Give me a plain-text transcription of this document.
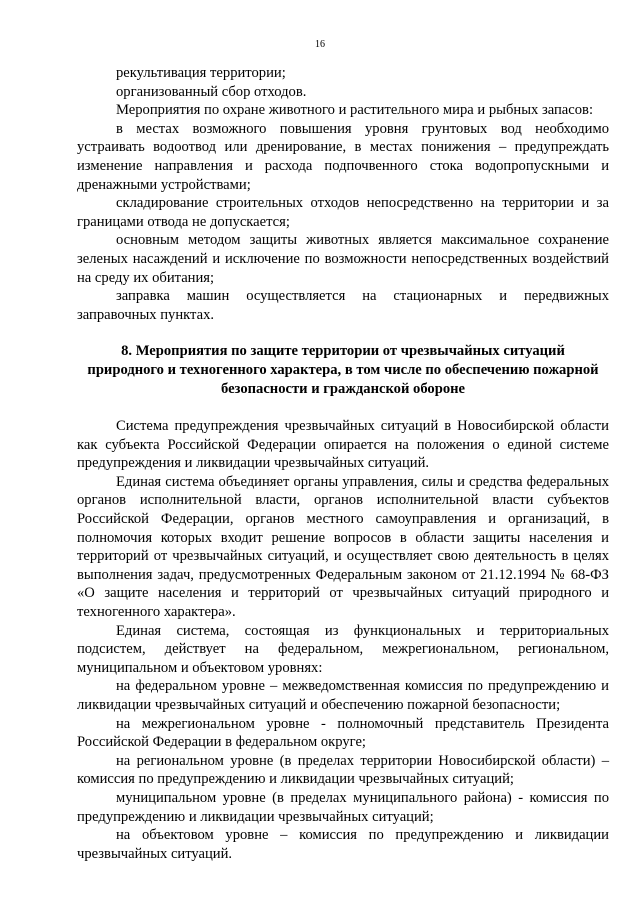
16

рекультивация территории;

организованный сбор отходов.

Мероприятия по охране животного и растительного мира и рыбных запасов:

в местах возможного повышения уровня грунтовых вод необходимо устраивать водоотвод или дренирование, в местах понижения – предупреждать изменение направления и расхода подпочвенного стока водопропускными и дренажными устройствами;

складирование строительных отходов непосредственно на территории и за границами отвода не допускается;

основным методом защиты животных является максимальное сохранение зеленых насаждений и исключение по возможности непосредственных воздействий на среду их обитания;

заправка машин осуществляется на стационарных и передвижных заправочных пунктах.

8. Мероприятия по защите территории от чрезвычайных ситуаций природного и техногенного характера, в том числе по обеспечению пожарной безопасности и гражданской обороне

Система предупреждения чрезвычайных ситуаций в Новосибирской области как субъекта Российской Федерации опирается на положения о единой системе предупреждения и ликвидации чрезвычайных ситуаций.

Единая система объединяет органы управления, силы и средства федеральных органов исполнительной власти, органов исполнительной власти субъектов Российской Федерации, органов местного самоуправления и организаций, в полномочия которых входит решение вопросов в области защиты населения и территорий от чрезвычайных ситуаций, и осуществляет свою деятельность в целях выполнения задач, предусмотренных Федеральным законом от 21.12.1994 № 68-ФЗ «О защите населения и территорий от чрезвычайных ситуаций природного и техногенного характера».

Единая система, состоящая из функциональных и территориальных подсистем, действует на федеральном, межрегиональном, региональном, муниципальном и объектовом уровнях:

на федеральном уровне – межведомственная комиссия по предупреждению и ликвидации чрезвычайных ситуаций и обеспечению пожарной безопасности;

на межрегиональном уровне - полномочный представитель Президента Российской Федерации в федеральном округе;

на региональном уровне (в пределах территории Новосибирской области) – комиссия по предупреждению и ликвидации чрезвычайных ситуаций;

муниципальном уровне (в пределах муниципального района) - комиссия по предупреждению и ликвидации чрезвычайных ситуаций;

на объектовом уровне – комиссия по предупреждению и ликвидации чрезвычайных ситуаций.
